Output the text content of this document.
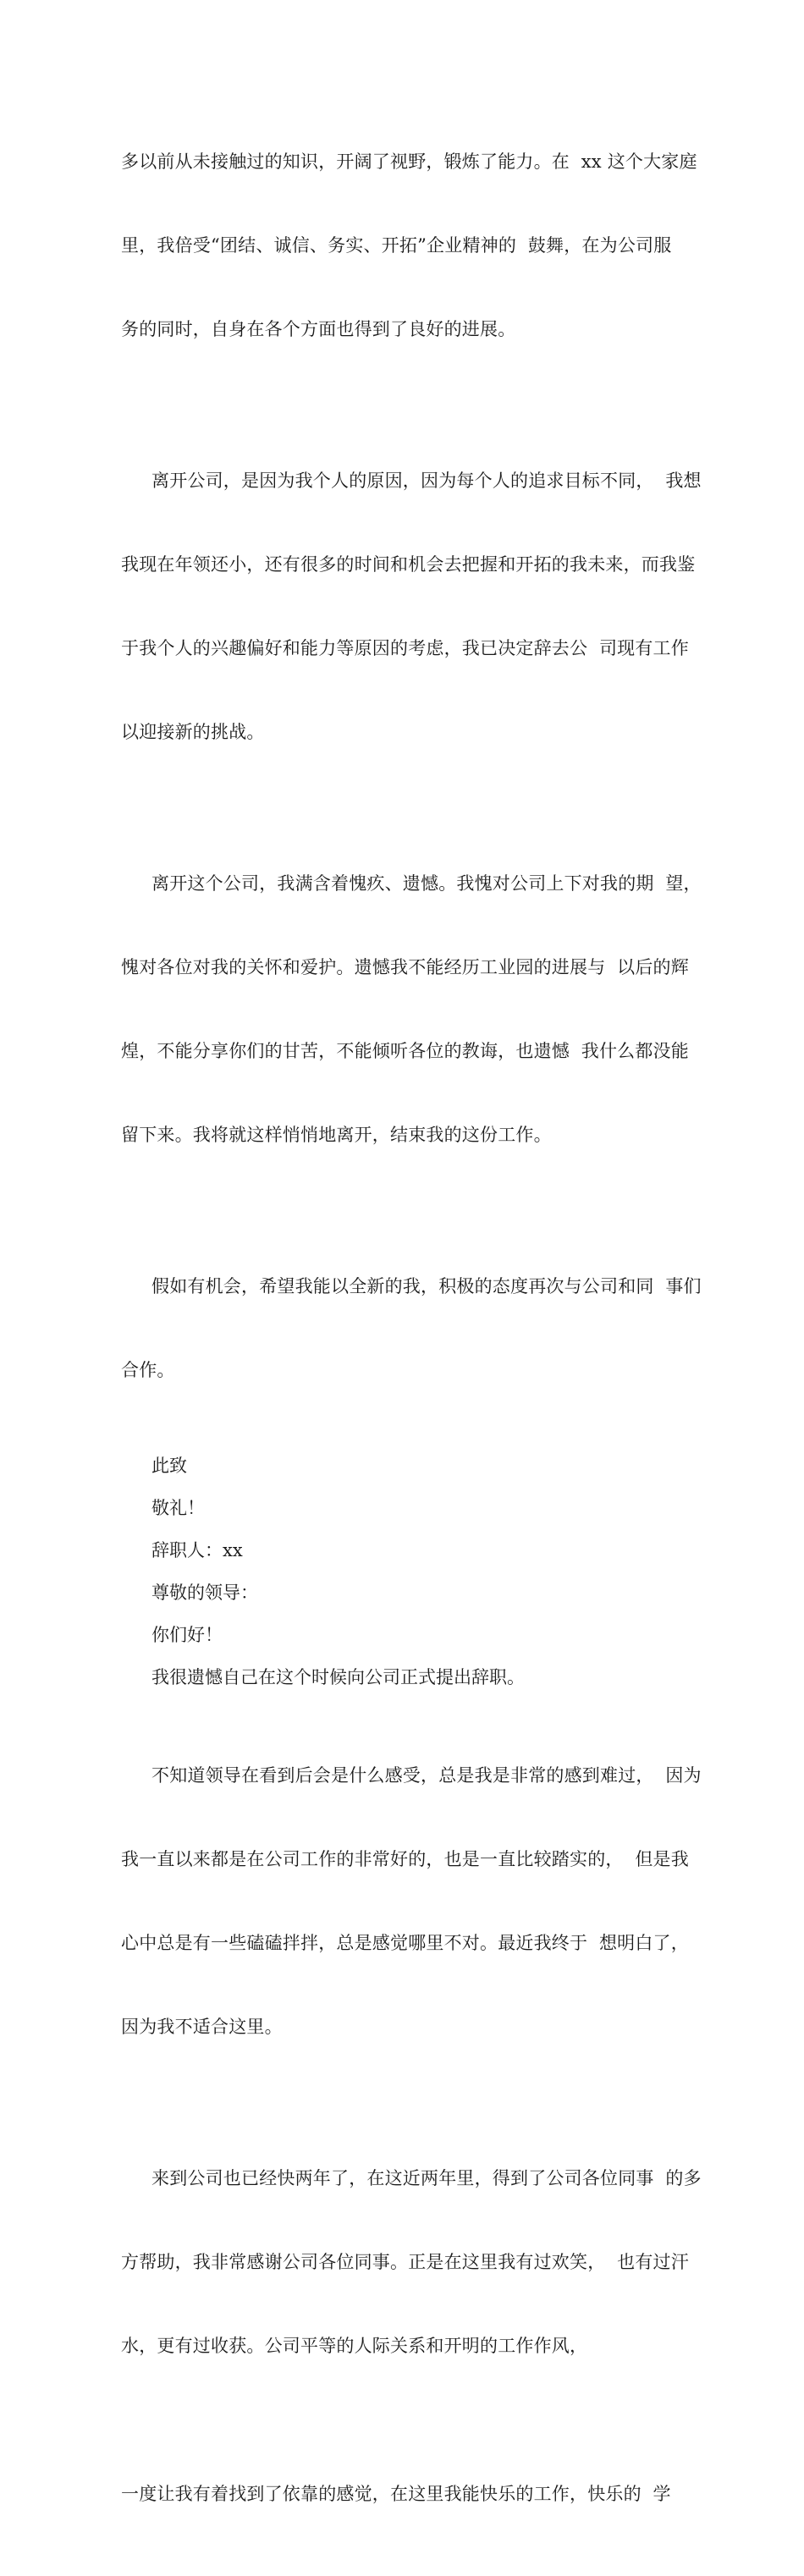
多以前从未接触过的知识，开阔了视野，锻炼了能力。在  xx 这个大家庭

里，我倍受“团结、诚信、务实、开拓”企业精神的  鼓舞，在为公司服

务的同时，自身在各个方面也得到了良好的进展。

离开公司，是因为我个人的原因，因为每个人的追求目标不同，  我想

我现在年领还小，还有很多的时间和机会去把握和开拓的我未来，而我鉴

于我个人的兴趣偏好和能力等原因的考虑，我已决定辞去公  司现有工作

以迎接新的挑战。

离开这个公司，我满含着愧疚、遗憾。我愧对公司上下对我的期  望，

愧对各位对我的关怀和爱护。遗憾我不能经历工业园的进展与  以后的辉

煌，不能分享你们的甘苦，不能倾听各位的教诲，也遗憾  我什么都没能

留下来。我将就这样悄悄地离开，结束我的这份工作。

假如有机会，希望我能以全新的我，积极的态度再次与公司和同  事们

合作。

此致
敬礼！
辞职人：xx
尊敬的领导：
你们好！
我很遗憾自己在这个时候向公司正式提出辞职。

不知道领导在看到后会是什么感受，总是我是非常的感到难过，  因为

我一直以来都是在公司工作的非常好的，也是一直比较踏实的，  但是我

心中总是有一些磕磕拌拌，总是感觉哪里不对。最近我终于  想明白了，

因为我不适合这里。

来到公司也已经快两年了，在这近两年里，得到了公司各位同事  的多

方帮助，我非常感谢公司各位同事。正是在这里我有过欢笑，  也有过汗

水，更有过收获。公司平等的人际关系和开明的工作作风，

一度让我有着找到了依靠的感觉，在这里我能快乐的工作，快乐的  学
